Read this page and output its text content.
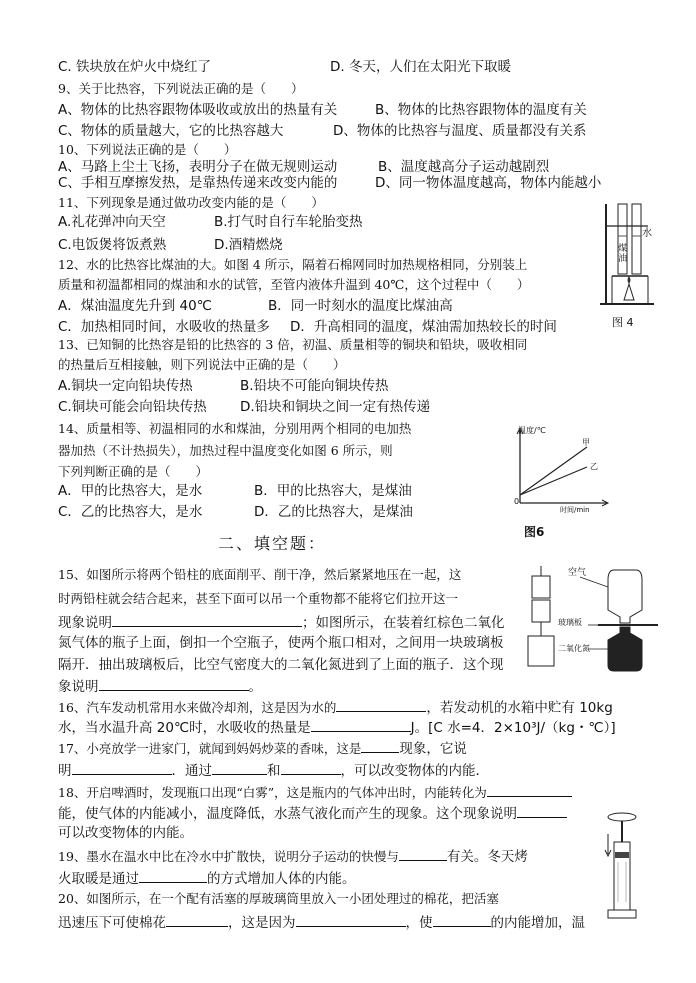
C. 铁块放在炉火中烧红了	D. 冬天，人们在太阳光下取暖
9、关于比热容，下列说法正确的是（　　）
A、物体的比热容跟物体吸收或放出的热量有关	B、物体的比热容跟物体的温度有关
C、物体的质量越大，它的比热容越大	D、物体的比热容与温度、质量都没有关系
10、下列说法正确的是（　　）
A、马路上尘土飞扬，表明分子在做无规则运动	B、温度越高分子运动越剧烈
C、手相互摩擦发热，是靠热传递来改变内能的	D、同一物体温度越高，物体内能越小
11、下列现象是通过做功改变内能的是（　　）
A.礼花弹冲向天空	B.打气时自行车轮胎变热
C.电饭煲将饭煮熟	D.酒精燃烧
12、水的比热容比煤油的大。如图 4 所示，隔着石棉网同时加热规格相同，分别装上
质量和初温都相同的煤油和水的试管，至管内液体升温到 40℃，这个过程中（　　）
A．煤油温度先升到 40℃	B．同一时刻水的温度比煤油高
C．加热相同时间，水吸收的热量多 D．升高相同的温度，煤油需加热较长的时间
煤油
水
图 4
13、已知铜的比热容是铅的比热容的 3 倍，初温、质量相等的铜块和铅块，吸收相同
的热量后互相接触，则下列说法中正确的是（　　）
A.铜块一定向铅块传热	B.铅块不可能向铜块传热
C.铜块可能会向铅块传热 D.铅块和铜块之间一定有热传递
14、质量相等、初温相同的水和煤油，分别用两个相同的电加热
器加热（不计热损失），加热过程中温度变化如图 6 所示，则
下列判断正确的是（　　）
A．甲的比热容大，是水	B．甲的比热容大，是煤油
C．乙的比热容大，是水	D．乙的比热容大，是煤油
温度/℃
甲
乙
0
时间/min
图6
二、填空题：
15、如图所示将两个铅柱的底面削平、削干净，然后紧紧地压在一起，这
时两铅柱就会结合起来，甚至下面可以吊一个重物都不能将它们拉开这一
现象说明	；如图所示，在装着红棕色二氧化
氮气体的瓶子上面，倒扣一个空瓶子，使两个瓶口相对，之间用一块玻璃板
隔开．抽出玻璃板后，比空气密度大的二氧化氮进到了上面的瓶子．这个现
象说明	。
空气
玻璃板
二氧化氮
16、汽车发动机常用水来做冷却剂，这是因为水的	，若发动机的水箱中贮有 10kg
水，当水温升高 20℃时，水吸收的热量是	J。[C 水=4．2×10³J/（kg・℃）]
17、小亮放学一进家门，就闻到妈妈炒菜的香味，这是	现象，它说
明	．通过	和	，可以改变物体的内能．
18、开启啤酒时，发现瓶口出现“白雾”，这是瓶内的气体冲出时，内能转化为
能，使气体的内能减小，温度降低，水蒸气液化而产生的现象。这个现象说明
可以改变物体的内能。
19、墨水在温水中比在冷水中扩散快，说明分子运动的快慢与	有关。冬天烤
火取暖是通过	的方式增加人体的内能。
20、如图所示，在一个配有活塞的厚玻璃筒里放入一小团处理过的棉花，把活塞
迅速压下可使棉花	，这是因为	，使	的内能增加，温
